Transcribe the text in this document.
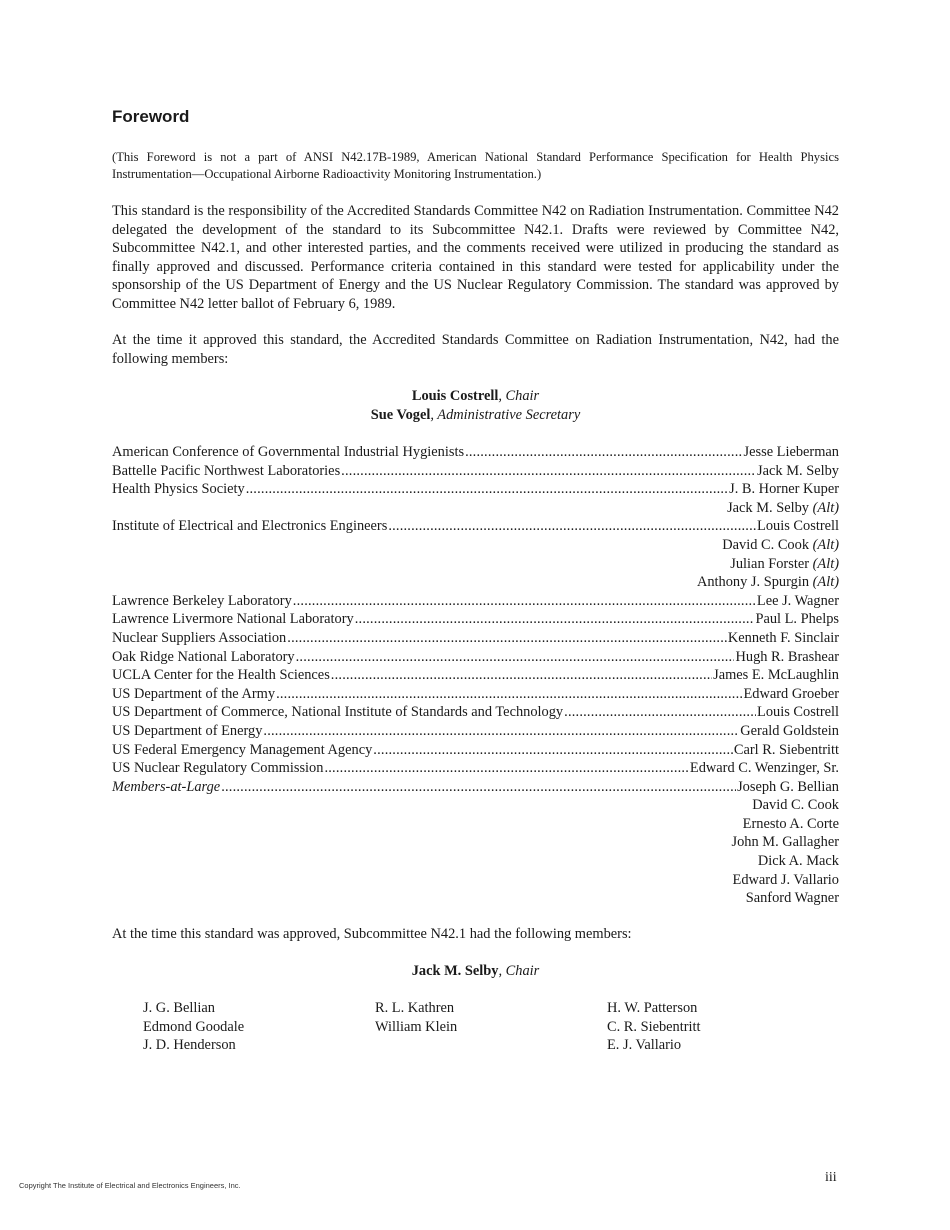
Foreword

(This Foreword is not a part of ANSI N42.17B-1989, American National Standard Performance Specification for Health Physics Instrumentation—Occupational Airborne Radioactivity Monitoring Instrumentation.)

This standard is the responsibility of the Accredited Standards Committee N42 on Radiation Instrumentation. Committee N42 delegated the development of the standard to its Subcommittee N42.1. Drafts were reviewed by Committee N42, Subcommittee N42.1, and other interested parties, and the comments received were utilized in producing the standard as finally approved and discussed. Performance criteria contained in this standard were tested for applicability under the sponsorship of the US Department of Energy and the US Nuclear Regulatory Commission. The standard was approved by Committee N42 letter ballot of February 6, 1989.

At the time it approved this standard, the Accredited Standards Committee on Radiation Instrumentation, N42, had the following members:

Louis Costrell, Chair
Sue Vogel, Administrative Secretary
American Conference of Governmental Industrial Hygienists .....	Jesse Lieberman
Battelle Pacific Northwest Laboratories .....	Jack M. Selby
Health Physics Society .....	J. B. Horner Kuper
Jack M. Selby (Alt)
Institute of Electrical and Electronics Engineers .....	Louis Costrell
David C. Cook (Alt)
Julian Forster (Alt)
Anthony J. Spurgin (Alt)
Lawrence Berkeley Laboratory .....	Lee J. Wagner
Lawrence Livermore National Laboratory .....	Paul L. Phelps
Nuclear Suppliers Association .....	Kenneth F. Sinclair
Oak Ridge National Laboratory .....	Hugh R. Brashear
UCLA Center for the Health Sciences .....	James E. McLaughlin
US Department of the Army .....	Edward Groeber
US Department of Commerce, National Institute of Standards and Technology .....	Louis Costrell
US Department of Energy .....	Gerald Goldstein
US Federal Emergency Management Agency .....	Carl R. Siebentritt
US Nuclear Regulatory Commission .....	Edward C. Wenzinger, Sr.
Members-at-Large .....	Joseph G. Bellian
David C. Cook
Ernesto A. Corte
John M. Gallagher
Dick A. Mack
Edward J. Vallario
Sanford Wagner

At the time this standard was approved, Subcommittee N42.1 had the following members:

Jack M. Selby, Chair
J. G. Bellian
Edmond Goodale
J. D. Henderson
R. L. Kathren
William Klein
H. W. Patterson
C. R. Siebentritt
E. J. Vallario
iii
Copyright The Institute of Electrical and Electronics Engineers, Inc.
